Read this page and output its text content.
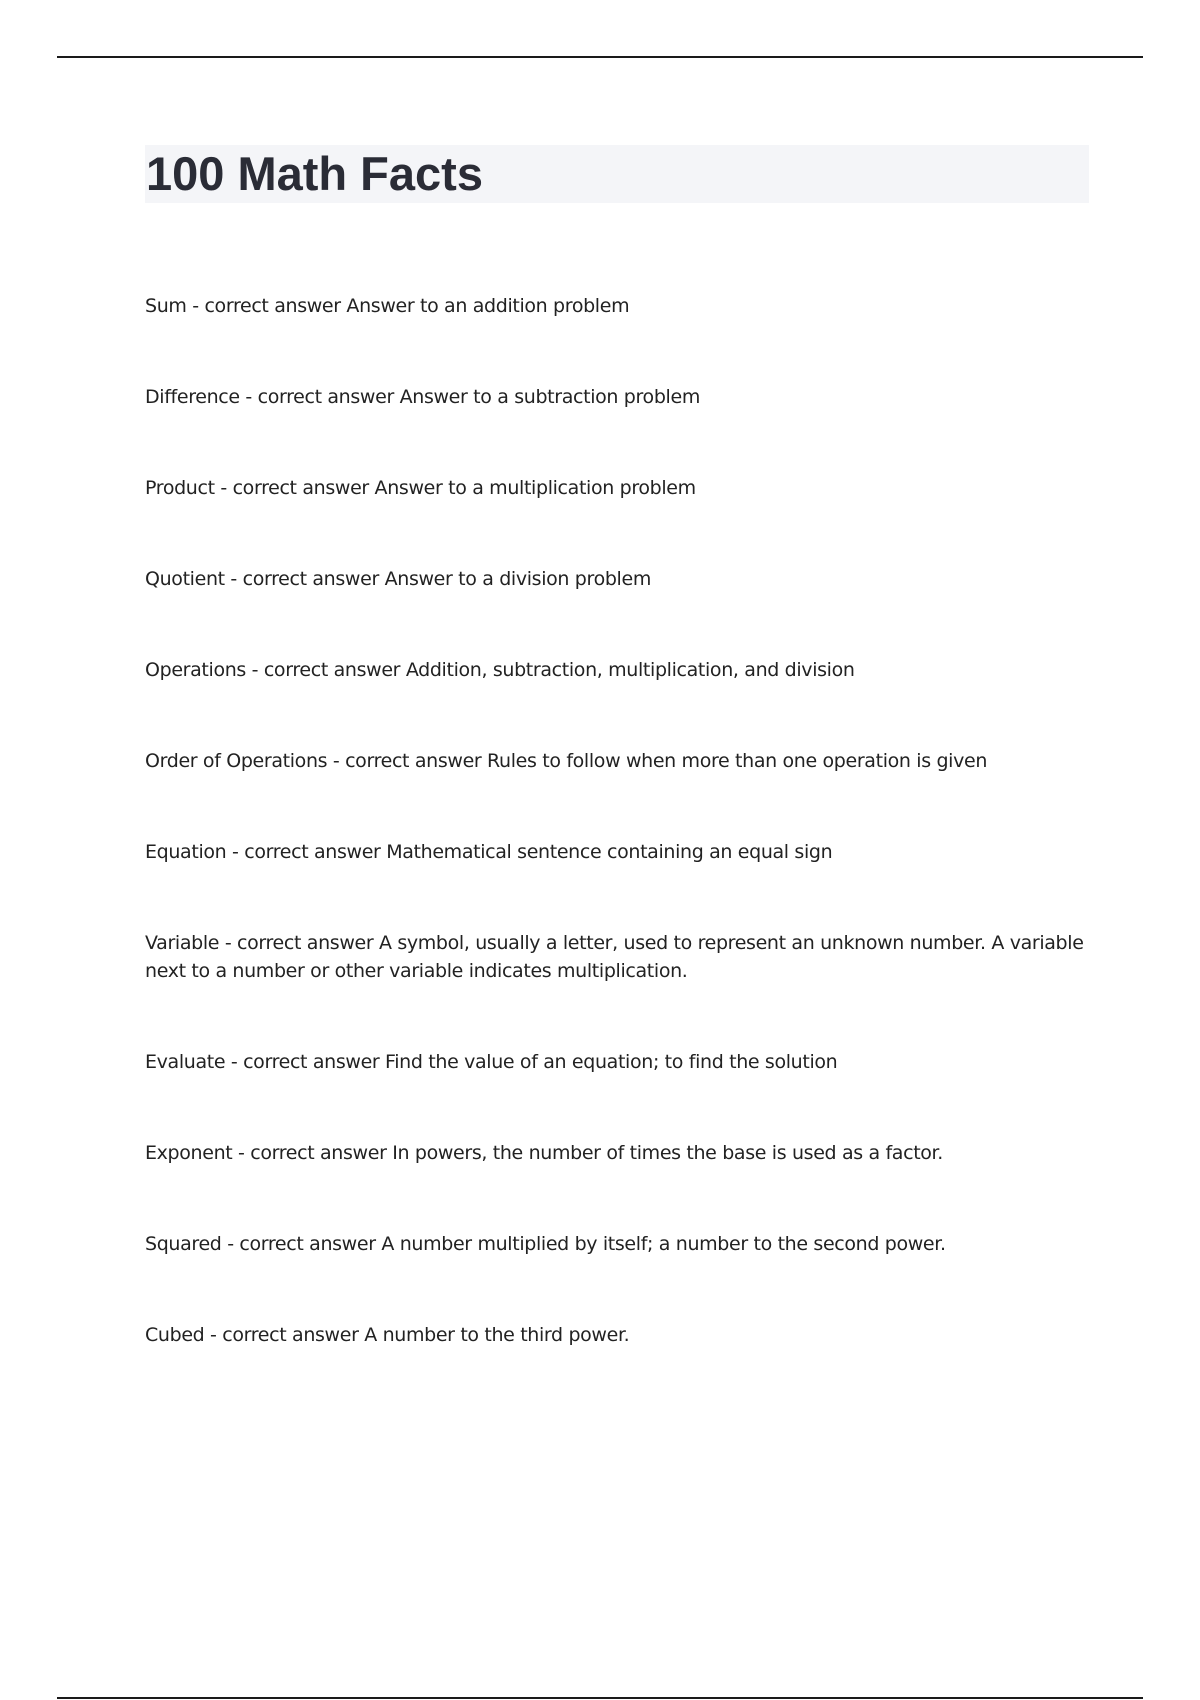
100 Math Facts
Sum - correct answer Answer to an addition problem
Difference - correct answer Answer to a subtraction problem
Product - correct answer Answer to a multiplication problem
Quotient - correct answer Answer to a division problem
Operations - correct answer Addition, subtraction, multiplication, and division
Order of Operations - correct answer Rules to follow when more than one operation is given
Equation - correct answer Mathematical sentence containing an equal sign
Variable - correct answer A symbol, usually a letter, used to represent an unknown number. A variable next to a number or other variable indicates multiplication.
Evaluate - correct answer Find the value of an equation; to find the solution
Exponent - correct answer In powers, the number of times the base is used as a factor.
Squared - correct answer A number multiplied by itself; a number to the second power.
Cubed - correct answer A number to the third power.
